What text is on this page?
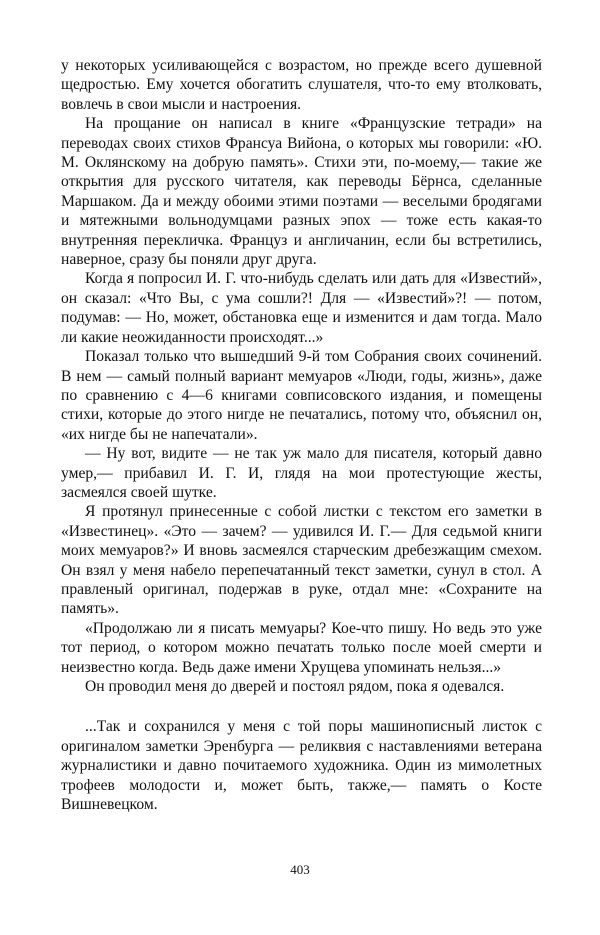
у некоторых усиливающейся с возрастом, но прежде всего душевной щедростью. Ему хочется обогатить слушателя, что-то ему втолковать, вовлечь в свои мысли и настроения.

На прощание он написал в книге «Французские тетради» на переводах своих стихов Франсуа Вийона, о которых мы говорили: «Ю. М. Оклянскому на добрую память». Стихи эти, по-моему,— такие же открытия для русского читателя, как переводы Бёрнса, сделанные Маршаком. Да и между обоими этими поэтами — веселыми бродягами и мятежными вольнодумцами разных эпох — тоже есть какая-то внутренняя перекличка. Француз и англичанин, если бы встретились, наверное, сразу бы поняли друг друга.

Когда я попросил И. Г. что-нибудь сделать или дать для «Известий», он сказал: «Что Вы, с ума сошли?! Для — «Известий»?! — потом, подумав: — Но, может, обстановка еще и изменится и дам тогда. Мало ли какие неожиданности происходят...»

Показал только что вышедший 9-й том Собрания своих сочинений. В нем — самый полный вариант мемуаров «Люди, годы, жизнь», даже по сравнению с 4—6 книгами совписовского издания, и помещены стихи, которые до этого нигде не печатались, потому что, объяснил он, «их нигде бы не напечатали».

— Ну вот, видите — не так уж мало для писателя, который давно умер,— прибавил И. Г. И, глядя на мои протестующие жесты, засмеялся своей шутке.

Я протянул принесенные с собой листки с текстом его заметки в «Известинец». «Это — зачем? — удивился И. Г.— Для седьмой книги моих мемуаров?» И вновь засмеялся старческим дребезжащим смехом. Он взял у меня набело перепечатанный текст заметки, сунул в стол. А правленый оригинал, подержав в руке, отдал мне: «Сохраните на память».

«Продолжаю ли я писать мемуары? Кое-что пишу. Но ведь это уже тот период, о котором можно печатать только после моей смерти и неизвестно когда. Ведь даже имени Хрущева упоминать нельзя...»

Он проводил меня до дверей и постоял рядом, пока я одевался.

...Так и сохранился у меня с той поры машинописный листок с оригиналом заметки Эренбурга — реликвия с наставлениями ветерана журналистики и давно почитаемого художника. Один из мимолетных трофеев молодости и, может быть, также,— память о Косте Вишневецком.

403
